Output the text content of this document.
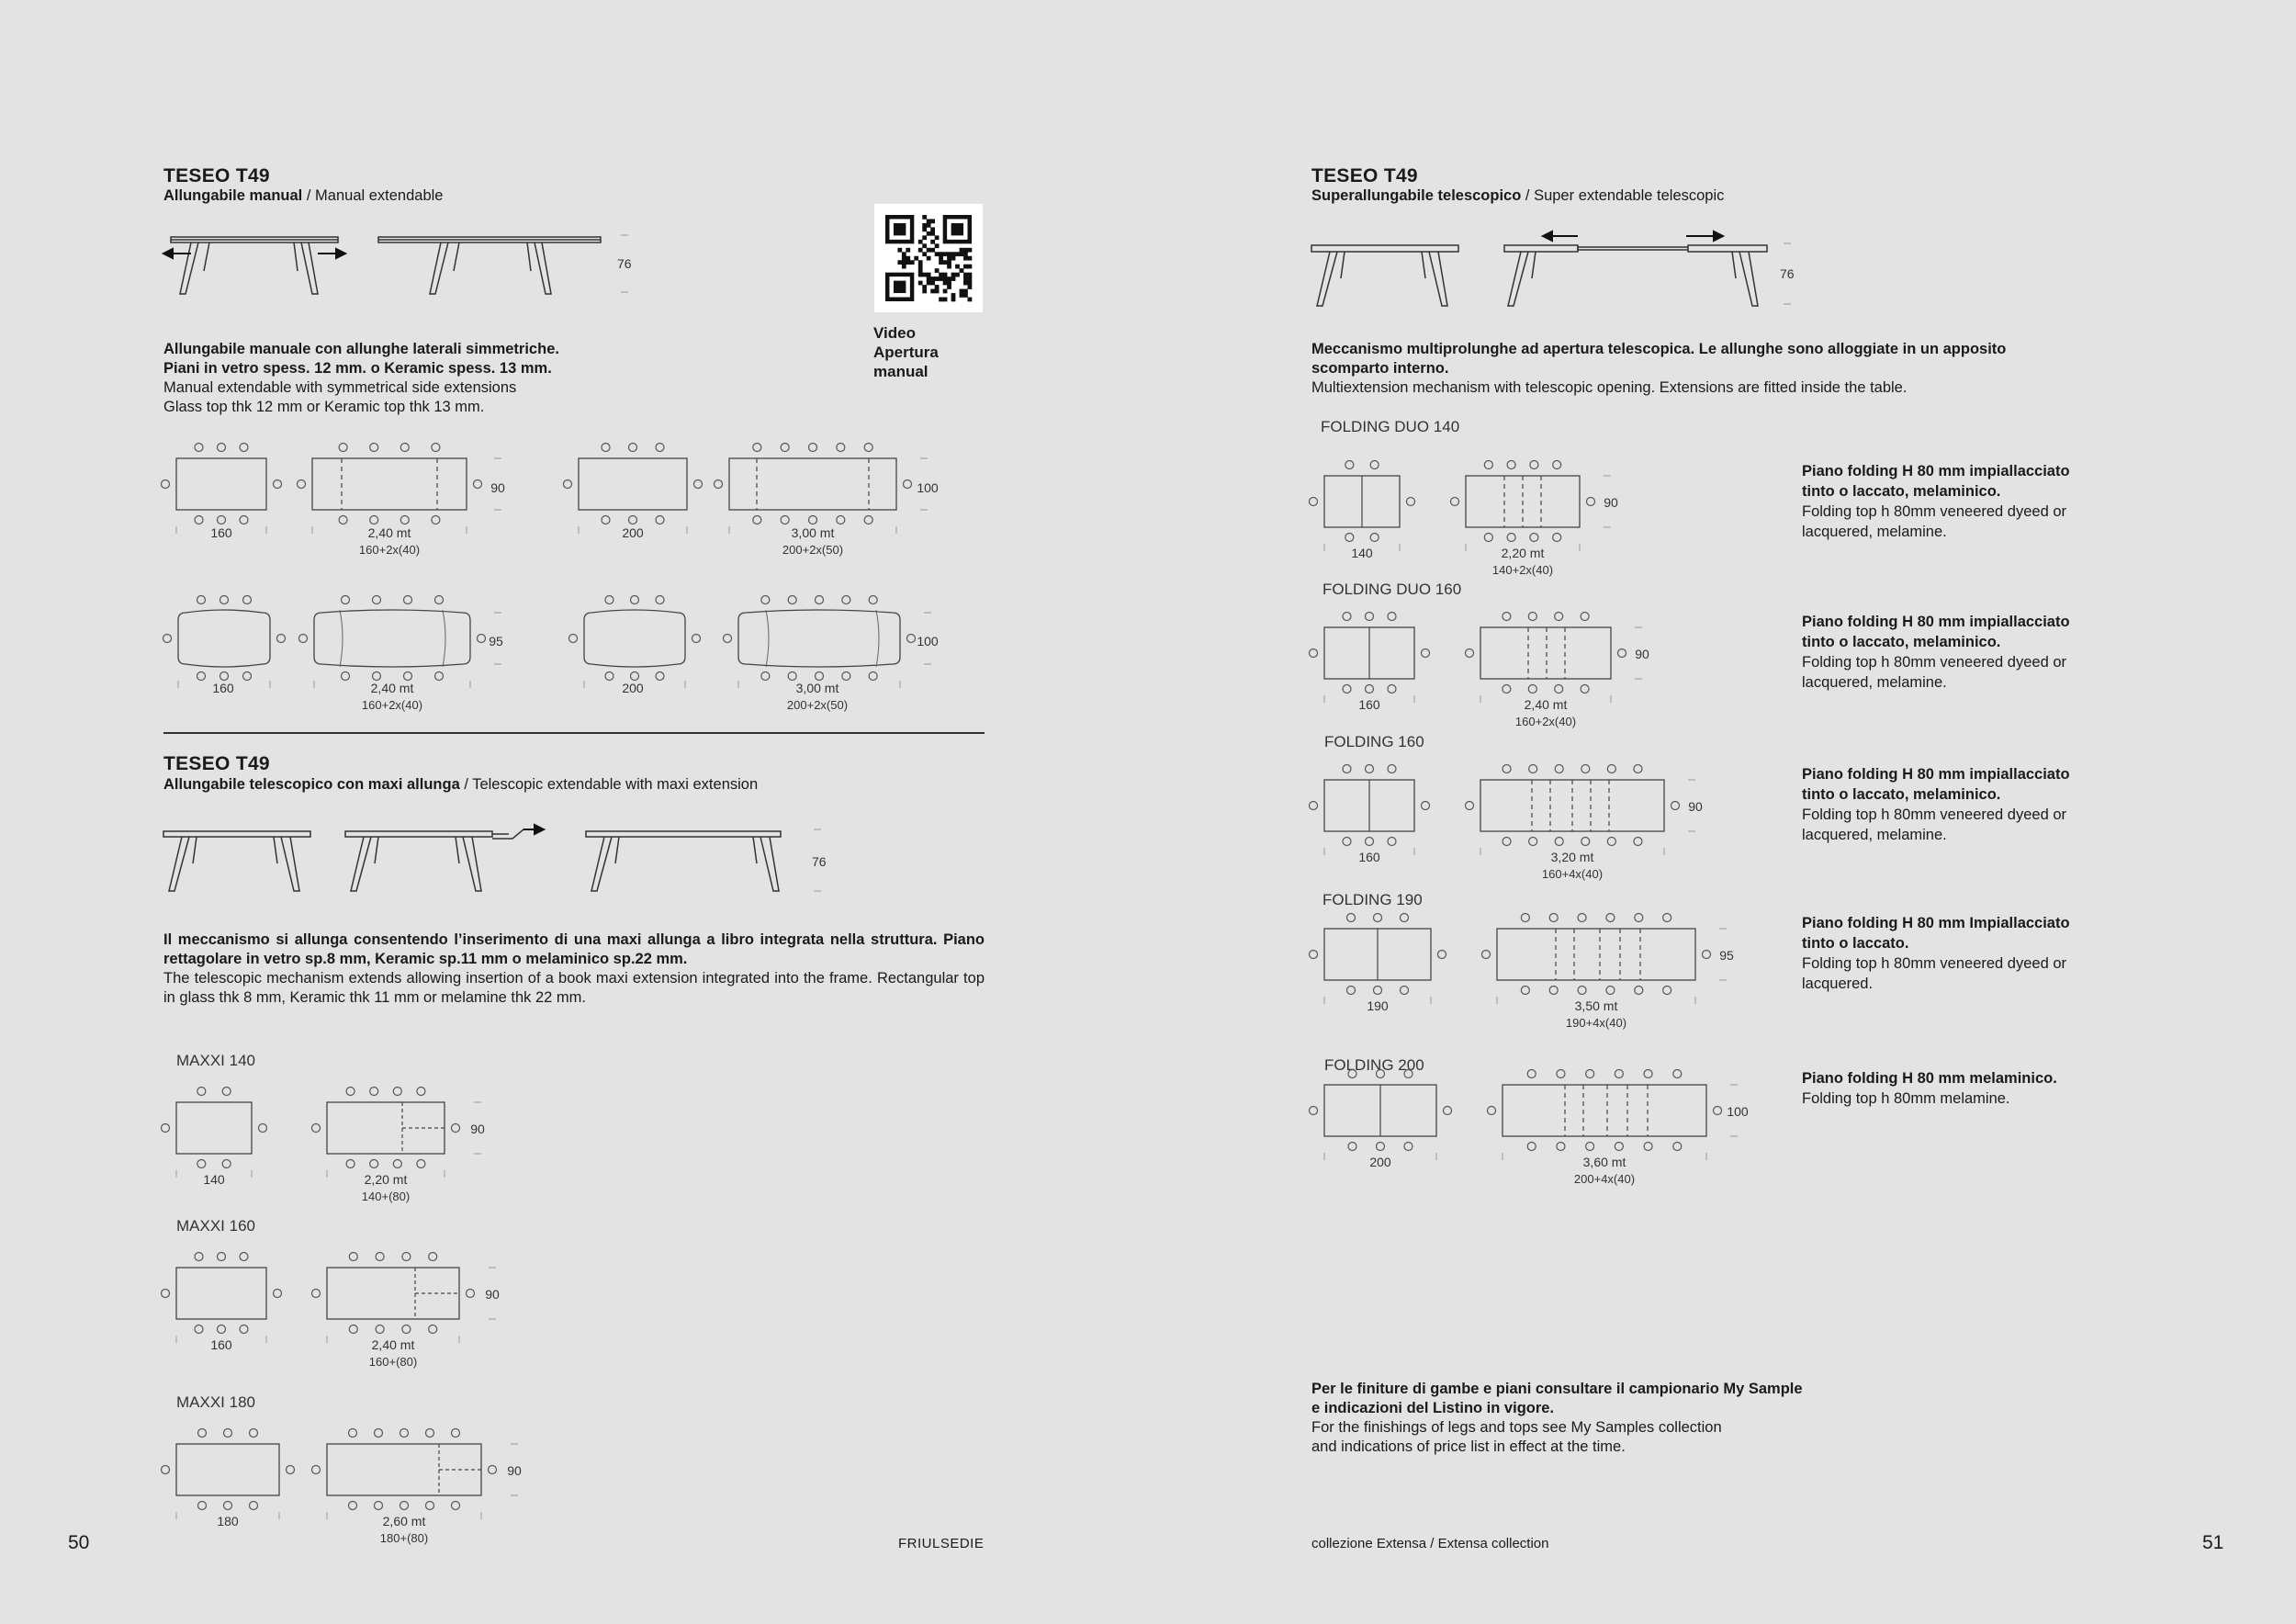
TESEO T49
Allungabile manual / Manual extendable
76
Video
Apertura
manual
Allungabile manuale con allunghe laterali simmetriche.
Piani in vetro spess. 12 mm. o Keramic spess. 13 mm.
Manual extendable with symmetrical side extensions
Glass top thk 12 mm or Keramic top thk 13 mm.
160	2,40 mt
160+2x(40)
90
200	3,00 mt
200+2x(50)
100
160	2,40 mt
160+2x(40)
95
200	3,00 mt
200+2x(50)
100
TESEO T49
Allungabile telescopico con maxi allunga / Telescopic extendable with maxi extension
76
Il meccanismo si allunga consentendo l’inserimento di una maxi allunga a libro integrata nella struttura. Piano rettagolare in vetro sp.8 mm, Keramic sp.11 mm o melaminico sp.22 mm.
The telescopic mechanism extends allowing insertion of a book maxi extension integrated into the frame. Rectangular top in glass thk 8 mm, Keramic thk 11 mm or melamine thk 22 mm.
MAXXI 140
140	2,20 mt
140+(80)
90
MAXXI 160
160	2,40 mt
160+(80)
90
MAXXI 180
180	2,60 mt
180+(80)
90
50	FRIULSEDIE
TESEO T49
Superallungabile telescopico / Super extendable telescopic
76
Meccanismo multiprolunghe ad apertura telescopica. Le allunghe sono alloggiate in un apposito
scomparto interno.
Multiextension mechanism with telescopic opening. Extensions are fitted inside the table.
FOLDING DUO 140
140	2,20 mt
140+2x(40)
90
FOLDING DUO 160
160	2,40 mt
160+2x(40)
90
FOLDING 160
160	3,20 mt
160+4x(40)
90
FOLDING 190
190	3,50 mt
190+4x(40)
95
FOLDING 200
200	3,60 mt
200+4x(40)
100
Piano folding H 80 mm impiallacciato
tinto o laccato, melaminico.
Folding top h 80mm veneered dyeed or
lacquered, melamine.
Piano folding H 80 mm impiallacciato
tinto o laccato, melaminico.
Folding top h 80mm veneered dyeed or
lacquered, melamine.
Piano folding H 80 mm impiallacciato
tinto o laccato, melaminico.
Folding top h 80mm veneered dyeed or
lacquered, melamine.
Piano folding H 80 mm Impiallacciato
tinto o laccato.
Folding top h 80mm veneered dyeed or
lacquered.
Piano folding H 80 mm melaminico.
Folding top h 80mm melamine.
Per le finiture di gambe e piani consultare il campionario My Sample
e indicazioni del Listino in vigore.
For the finishings of legs and tops see My Samples collection
and indications of price list in effect at the time.
collezione Extensa / Extensa collection	51
